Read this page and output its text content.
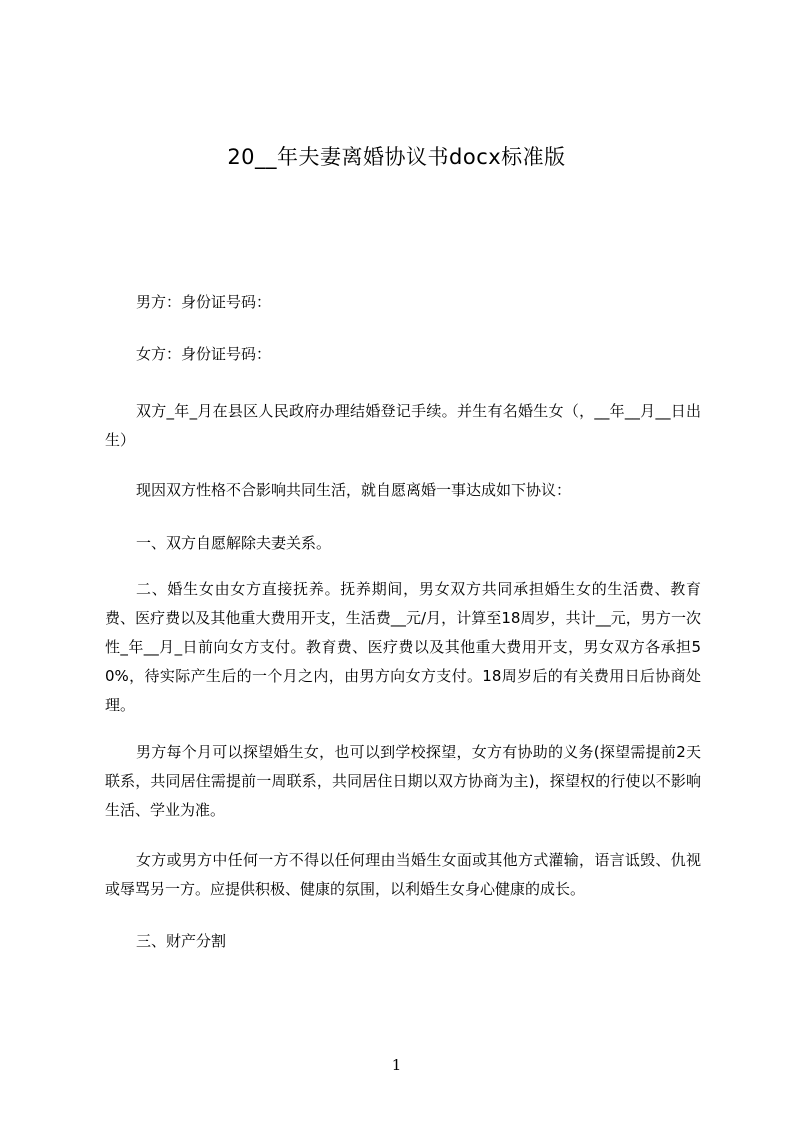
20__年夫妻离婚协议书docx标准版
男方：身份证号码：
女方：身份证号码：
双方_年_月在县区人民政府办理结婚登记手续。并生有名婚生女（，__年__月__日出生）
现因双方性格不合影响共同生活，就自愿离婚一事达成如下协议：
一、双方自愿解除夫妻关系。
二、婚生女由女方直接抚养。抚养期间，男女双方共同承担婚生女的生活费、教育费、医疗费以及其他重大费用开支，生活费__元/月，计算至18周岁，共计__元，男方一次性_年__月_日前向女方支付。教育费、医疗费以及其他重大费用开支，男女双方各承担50%，待实际产生后的一个月之内，由男方向女方支付。18周岁后的有关费用日后协商处理。
男方每个月可以探望婚生女，也可以到学校探望，女方有协助的义务(探望需提前2天联系，共同居住需提前一周联系，共同居住日期以双方协商为主)，探望权的行使以不影响生活、学业为准。
女方或男方中任何一方不得以任何理由当婚生女面或其他方式灌输，语言诋毁、仇视或辱骂另一方。应提供积极、健康的氛围，以利婚生女身心健康的成长。
三、财产分割
1
